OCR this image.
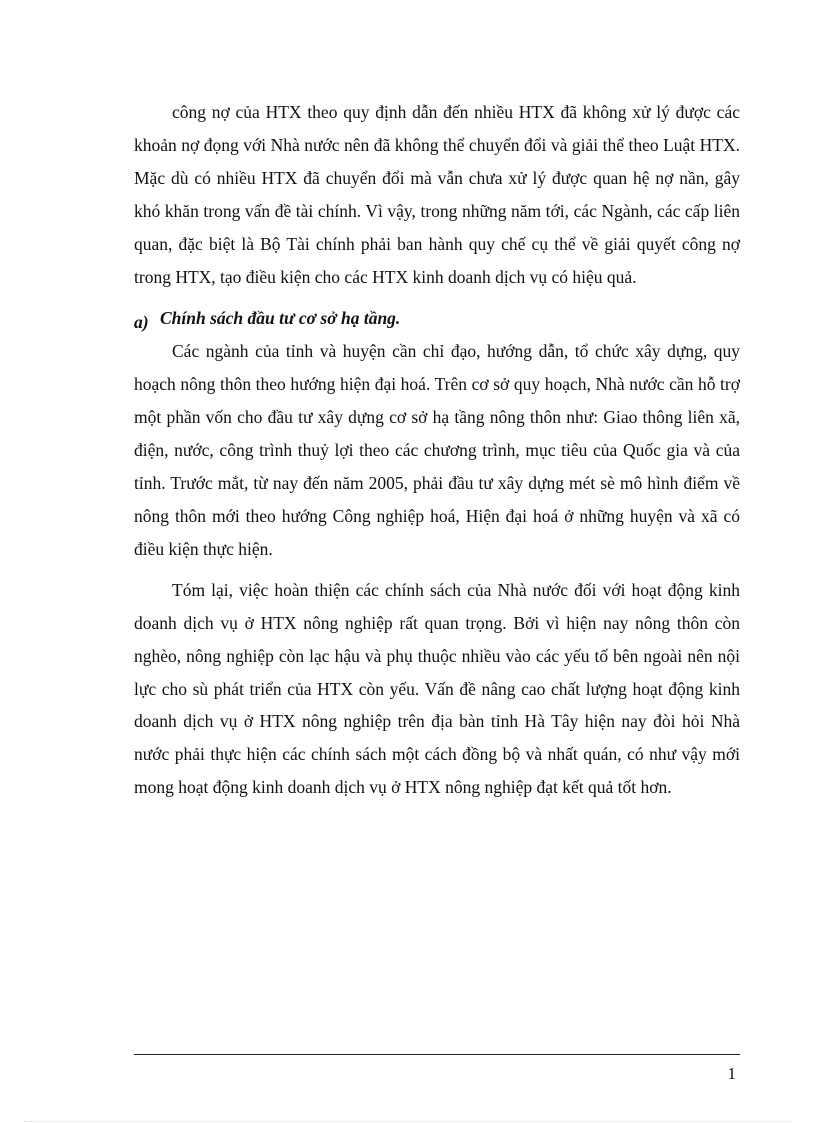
công nợ của HTX theo quy định dẫn đến nhiều HTX đã không xử lý được các khoản nợ đọng với Nhà nước nên đã không thể chuyển đổi và giải thể theo Luật HTX. Mặc dù có nhiều HTX đã chuyển đổi mà vẫn chưa xử lý được quan hệ nợ nần, gây khó khăn trong vấn đề tài chính. Vì vậy, trong những năm tới, các Ngành, các cấp liên quan, đặc biệt là Bộ Tài chính phải ban hành quy chế cụ thể về giải quyết công nợ trong HTX, tạo điều kiện cho các HTX kinh doanh dịch vụ có hiệu quả.

a) Chính sách đầu tư cơ sở hạ tầng.

Các ngành của tỉnh và huyện cần chỉ đạo, hướng dẫn, tổ chức xây dựng, quy hoạch nông thôn theo hướng hiện đại hoá. Trên cơ sở quy hoạch, Nhà nước cần hỗ trợ một phần vốn cho đầu tư xây dựng cơ sở hạ tầng nông thôn như: Giao thông liên xã, điện, nước, công trình thuỷ lợi theo các chương trình, mục tiêu của Quốc gia và của tỉnh. Trước mắt, từ nay đến năm 2005, phải đầu tư xây dựng mét sè mô hình điểm về nông thôn mới theo hướng Công nghiệp hoá, Hiện đại hoá ở những huyện và xã có điều kiện thực hiện.

Tóm lại, việc hoàn thiện các chính sách của Nhà nước đối với hoạt động kinh doanh dịch vụ ở HTX nông nghiệp rất quan trọng. Bởi vì hiện nay nông thôn còn nghèo, nông nghiệp còn lạc hậu và phụ thuộc nhiều vào các yếu tố bên ngoài nên nội lực cho sù phát triển của HTX còn yếu. Vấn đề nâng cao chất lượng hoạt động kinh doanh dịch vụ ở HTX nông nghiệp trên địa bàn tỉnh Hà Tây hiện nay đòi hỏi Nhà nước phải thực hiện các chính sách một cách đồng bộ và nhất quán, có như vậy mới mong hoạt động kinh doanh dịch vụ ở HTX nông nghiệp đạt kết quả tốt hơn.

1
